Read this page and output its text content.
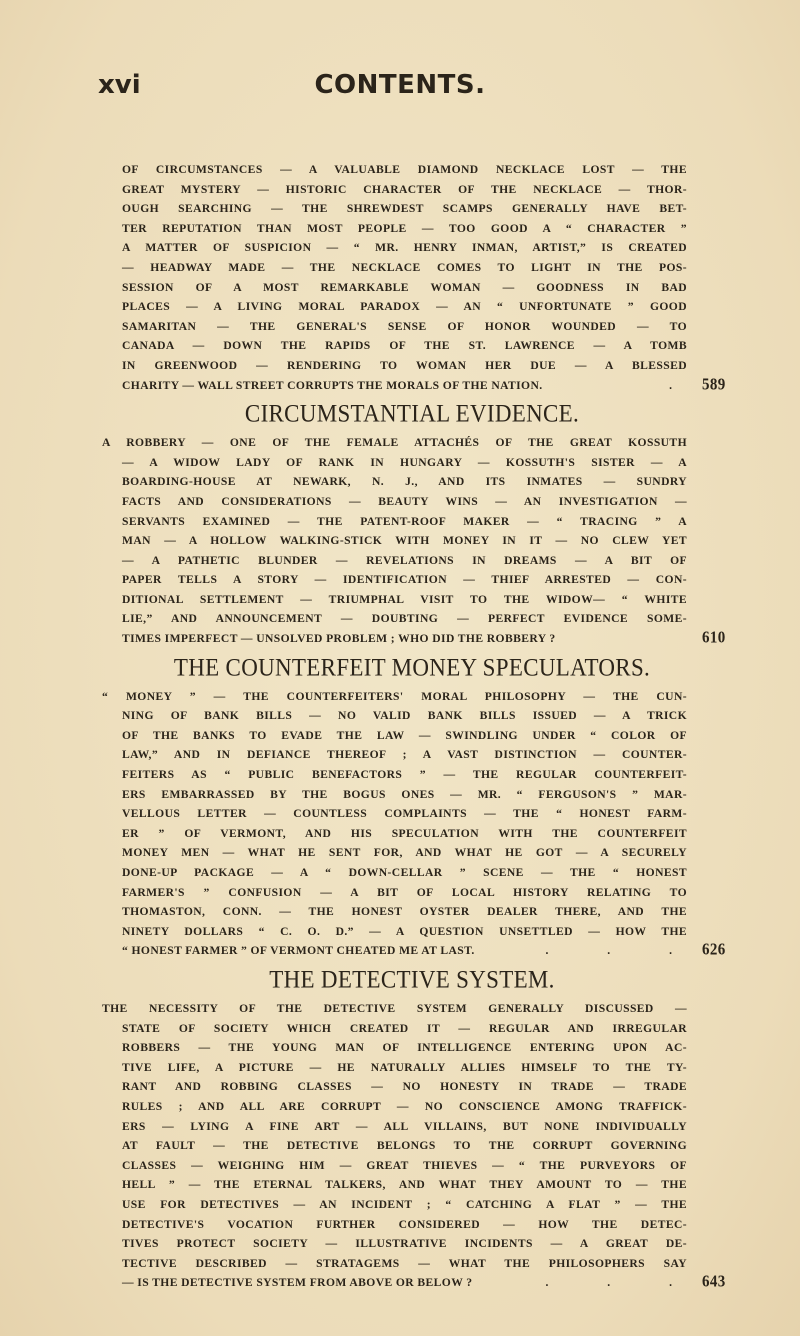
xvi	CONTENTS.
OF CIRCUMSTANCES — A VALUABLE DIAMOND NECKLACE LOST — THE
GREAT MYSTERY — HISTORIC CHARACTER OF THE NECKLACE — THOR-
OUGH SEARCHING — THE SHREWDEST SCAMPS GENERALLY HAVE BET-
TER REPUTATION THAN MOST PEOPLE — TOO GOOD A “ CHARACTER ”
A MATTER OF SUSPICION — “ MR. HENRY INMAN, ARTIST,” IS CREATED
— HEADWAY MADE — THE NECKLACE COMES TO LIGHT IN THE POS-
SESSION OF A MOST REMARKABLE WOMAN — GOODNESS IN BAD
PLACES — A LIVING MORAL PARADOX — AN “ UNFORTUNATE ” GOOD
SAMARITAN — THE GENERAL'S SENSE OF HONOR WOUNDED — TO
CANADA — DOWN THE RAPIDS OF THE ST. LAWRENCE — A TOMB
IN GREENWOOD — RENDERING TO WOMAN HER DUE — A BLESSED
CHARITY — WALL STREET CORRUPTS THE MORALS OF THE NATION.	. 589
CIRCUMSTANTIAL EVIDENCE.
A ROBBERY — ONE OF THE FEMALE ATTACHÉS OF THE GREAT KOSSUTH
— A WIDOW LADY OF RANK IN HUNGARY — KOSSUTH'S SISTER — A
BOARDING-HOUSE AT NEWARK, N. J., AND ITS INMATES — SUNDRY
FACTS AND CONSIDERATIONS — BEAUTY WINS — AN INVESTIGATION —
SERVANTS EXAMINED — THE PATENT-ROOF MAKER — “ TRACING ” A
MAN — A HOLLOW WALKING-STICK WITH MONEY IN IT — NO CLEW YET
— A PATHETIC BLUNDER — REVELATIONS IN DREAMS — A BIT OF
PAPER TELLS A STORY — IDENTIFICATION — THIEF ARRESTED — CON-
DITIONAL SETTLEMENT — TRIUMPHAL VISIT TO THE WIDOW— “ WHITE
LIE,” AND ANNOUNCEMENT — DOUBTING — PERFECT EVIDENCE SOME-
TIMES IMPERFECT — UNSOLVED PROBLEM ; WHO DID THE ROBBERY ?	610
THE COUNTERFEIT MONEY SPECULATORS.
“ MONEY ” — THE COUNTERFEITERS' MORAL PHILOSOPHY — THE CUN-
NING OF BANK BILLS — NO VALID BANK BILLS ISSUED — A TRICK
OF THE BANKS TO EVADE THE LAW — SWINDLING UNDER “ COLOR OF
LAW,” AND IN DEFIANCE THEREOF ; A VAST DISTINCTION — COUNTER-
FEITERS AS “ PUBLIC BENEFACTORS ” — THE REGULAR COUNTERFEIT-
ERS EMBARRASSED BY THE BOGUS ONES — MR. “ FERGUSON'S ” MAR-
VELLOUS LETTER — COUNTLESS COMPLAINTS — THE “ HONEST FARM-
ER ” OF VERMONT, AND HIS SPECULATION WITH THE COUNTERFEIT
MONEY MEN — WHAT HE SENT FOR, AND WHAT HE GOT — A SECURELY
DONE-UP PACKAGE — A “ DOWN-CELLAR ” SCENE — THE “ HONEST
FARMER'S ” CONFUSION — A BIT OF LOCAL HISTORY RELATING TO
THOMASTON, CONN. — THE HONEST OYSTER DEALER THERE, AND THE
NINETY DOLLARS “ C. O. D.” — A QUESTION UNSETTLED — HOW THE
“ HONEST FARMER ” OF VERMONT CHEATED ME AT LAST.	. . . 626
THE DETECTIVE SYSTEM.
THE NECESSITY OF THE DETECTIVE SYSTEM GENERALLY DISCUSSED —
STATE OF SOCIETY WHICH CREATED IT — REGULAR AND IRREGULAR
ROBBERS — THE YOUNG MAN OF INTELLIGENCE ENTERING UPON AC-
TIVE LIFE, A PICTURE — HE NATURALLY ALLIES HIMSELF TO THE TY-
RANT AND ROBBING CLASSES — NO HONESTY IN TRADE — TRADE
RULES ; AND ALL ARE CORRUPT — NO CONSCIENCE AMONG TRAFFICK-
ERS — LYING A FINE ART — ALL VILLAINS, BUT NONE INDIVIDUALLY
AT FAULT — THE DETECTIVE BELONGS TO THE CORRUPT GOVERNING
CLASSES — WEIGHING HIM — GREAT THIEVES — “ THE PURVEYORS OF
HELL ” — THE ETERNAL TALKERS, AND WHAT THEY AMOUNT TO — THE
USE FOR DETECTIVES — AN INCIDENT ; “ CATCHING A FLAT ” — THE
DETECTIVE'S VOCATION FURTHER CONSIDERED — HOW THE DETEC-
TIVES PROTECT SOCIETY — ILLUSTRATIVE INCIDENTS — A GREAT DE-
TECTIVE DESCRIBED — STRATAGEMS — WHAT THE PHILOSOPHERS SAY
— IS THE DETECTIVE SYSTEM FROM ABOVE OR BELOW ?	. . . 643
